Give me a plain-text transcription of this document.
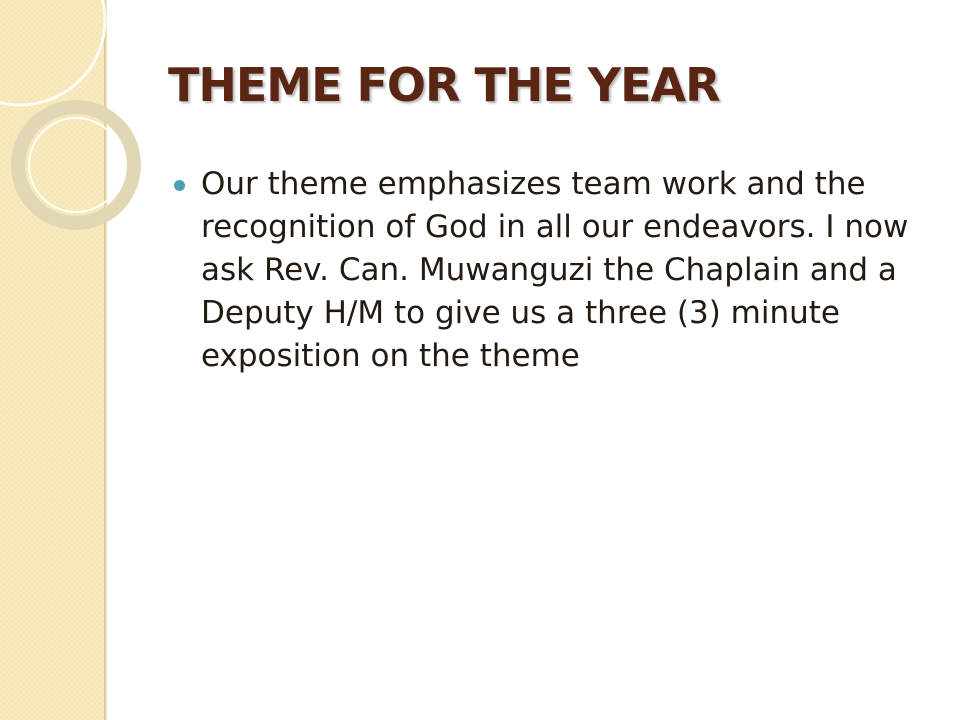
THEME FOR THE YEAR
Our theme emphasizes team work and the recognition of God in all our endeavors. I now ask Rev. Can. Muwanguzi the Chaplain and a Deputy H/M to give us a three (3) minute exposition on the theme
